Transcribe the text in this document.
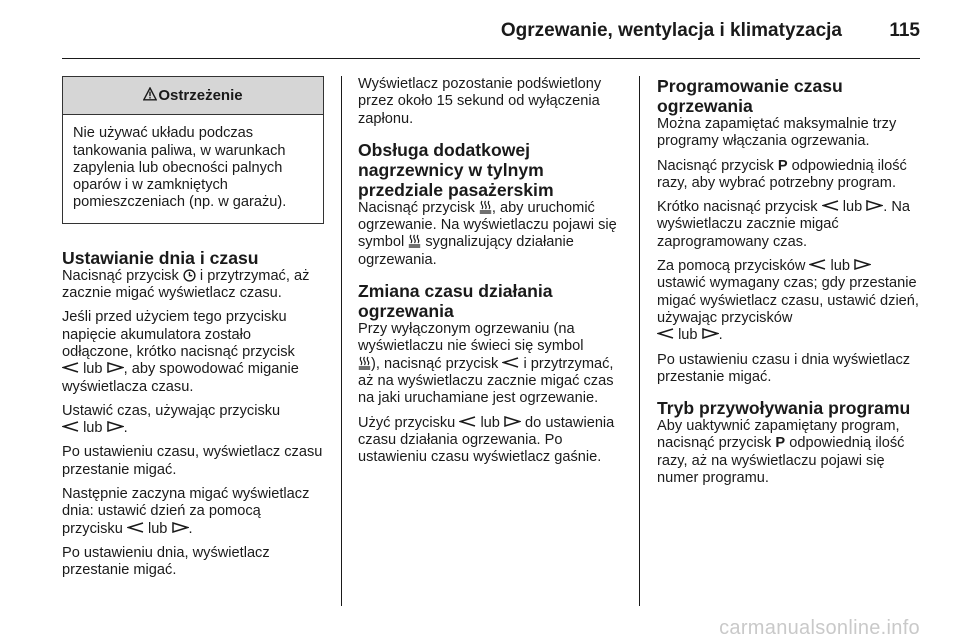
Ogrzewanie, wentylacja i klimatyzacja 115
Ostrzeżenie
Nie używać układu podczas tankowania paliwa, w warunkach zapylenia lub obecności palnych oparów i w zamkniętych pomieszczeniach (np. w garażu).
Ustawianie dnia i czasu

Nacisnąć przycisk i przytrzymać, aż zacznie migać wyświetlacz czasu.

Jeśli przed użyciem tego przycisku napięcie akumulatora zostało odłączone, krótko nacisnąć przycisk
lub , aby spowodować miganie wyświetlacza czasu.

Ustawić czas, używając przycisku
lub .

Po ustawieniu czasu, wyświetlacz czasu przestanie migać.

Następnie zaczyna migać wyświetlacz dnia: ustawić dzień za pomocą przycisku lub .

Po ustawieniu dnia, wyświetlacz przestanie migać.

Wyświetlacz pozostanie podświetlony przez około 15 sekund od wyłączenia zapłonu.

Obsługa dodatkowej nagrzewnicy w tylnym przedziale pasażerskim

Nacisnąć przycisk , aby uruchomić ogrzewanie. Na wyświetlaczu pojawi się symbol sygnalizujący działanie ogrzewania.

Zmiana czasu działania ogrzewania

Przy wyłączonym ogrzewaniu (na wyświetlaczu nie świeci się symbol
), nacisnąć przycisk i przytrzymać, aż na wyświetlaczu zacznie migać czas na jaki uruchamiane jest ogrzewanie.

Użyć przycisku lub do ustawienia czasu działania ogrzewania. Po ustawieniu czasu wyświetlacz gaśnie.

Programowanie czasu ogrzewania

Można zapamiętać maksymalnie trzy programy włączania ogrzewania.

Nacisnąć przycisk P odpowiednią ilość razy, aby wybrać potrzebny program.

Krótko nacisnąć przycisk lub . Na wyświetlaczu zacznie migać zaprogramowany czas.

Za pomocą przycisków lub
ustawić wymagany czas; gdy przestanie migać wyświetlacz czasu, ustawić dzień, używając przycisków
lub .

Po ustawieniu czasu i dnia wyświetlacz przestanie migać.

Tryb przywoływania programu

Aby uaktywnić zapamiętany program, nacisnąć przycisk P odpowiednią ilość razy, aż na wyświetlaczu pojawi się numer programu.

carmanualsonline.info
